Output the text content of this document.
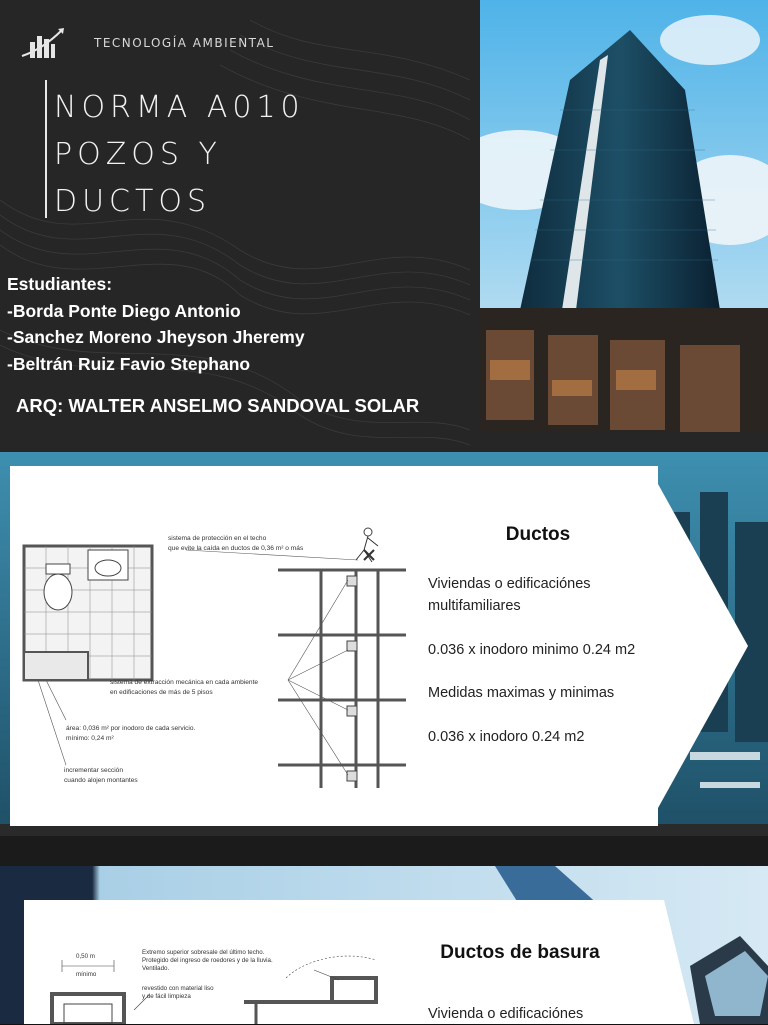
TECNOLOGÍA AMBIENTAL
NORMA A010
POZOS Y
DUCTOS
Estudiantes:
-Borda Ponte Diego Antonio
-Sanchez Moreno Jheyson Jheremy
-Beltrán Ruiz Favio Stephano
ARQ: WALTER ANSELMO SANDOVAL SOLAR
sistema de protección en el techo
que evite la caída en ductos de 0,36 m² o más
sistema de extracción mecánica en cada ambiente
en edificaciones de más de 5 pisos
área: 0,036 m² por inodoro de cada servicio.
mínimo: 0,24 m²
incrementar sección
cuando alojen montantes
Ductos
Viviendas o edificaciónes multifamiliares
0.036 x inodoro minimo 0.24 m2
Medidas maximas y minimas
0.036 x inodoro 0.24 m2
0,50 m
mínimo
Extremo superior sobresale del último techo.
Protegido del ingreso de roedores y de la lluvia.
Ventilado.
revestido con material liso
y de fácil limpieza
Ductos de basura
Vivienda o edificaciónes
